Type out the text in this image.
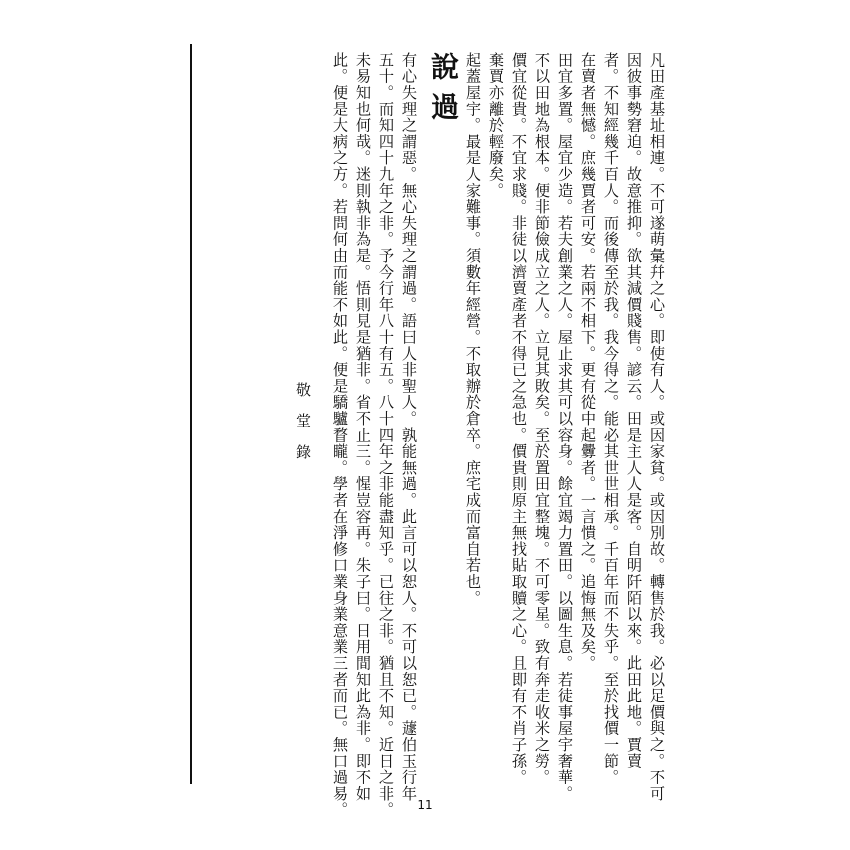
凡田產基址相連。不可遂萌彙幷之心。即使有人。或因家貧。或因別故。轉售於我。必以足價與之。不可
因彼事勢窘迫。故意推抑。欲其減價賤售。諺云。田是主人人是客。自明阡陌以來。此田此地。賈賣
者。不知經幾千百人。而後傳至於我。我今得之。能必其世世相承。千百年而不失乎。至於找價一節。
在賣者無憾。庶幾賈者可安。若兩不相下。更有從中起釁者。一言憒之。追悔無及矣。
田宜多置。屋宜少造。若夫創業之人。屋止求其可以容身。餘宜竭力置田。以圖生息。若徒事屋宇奢華。
不以田地為根本。便非節儉成立之人。立見其敗矣。至於置田宜整塊。不可零星。致有奔走收米之勞。
價宜從貴。不宜求賤。非徒以濟賣產者不得已之急也。價貴則原主無找貼取贖之心。且即有不肖子孫。
棄賈亦離於輕廢矣。
起蓋屋宇。最是人家難事。須數年經營。不取辦於倉卒。庶宅成而富自若也。
說過
有心失理之謂惡。無心失理之謂過。語曰人非聖人。孰能無過。此言可以恕人。不可以恕已。蘧伯玉行年
五十。而知四十九年之非。予今行年八十有五。八十四年之非能盡知乎。已往之非。猶且不知。近日之非。
未易知也何哉。迷則執非為是。悟則見是猶非。省不止三。惺豈容再。朱子曰。日用間知此為非。即不如
此。便是大病之方。若問何由而能不如此。便是驕驢瞀矓。學者在淨修口業身業意業三者而已。無口過易。
敬堂錄
11
